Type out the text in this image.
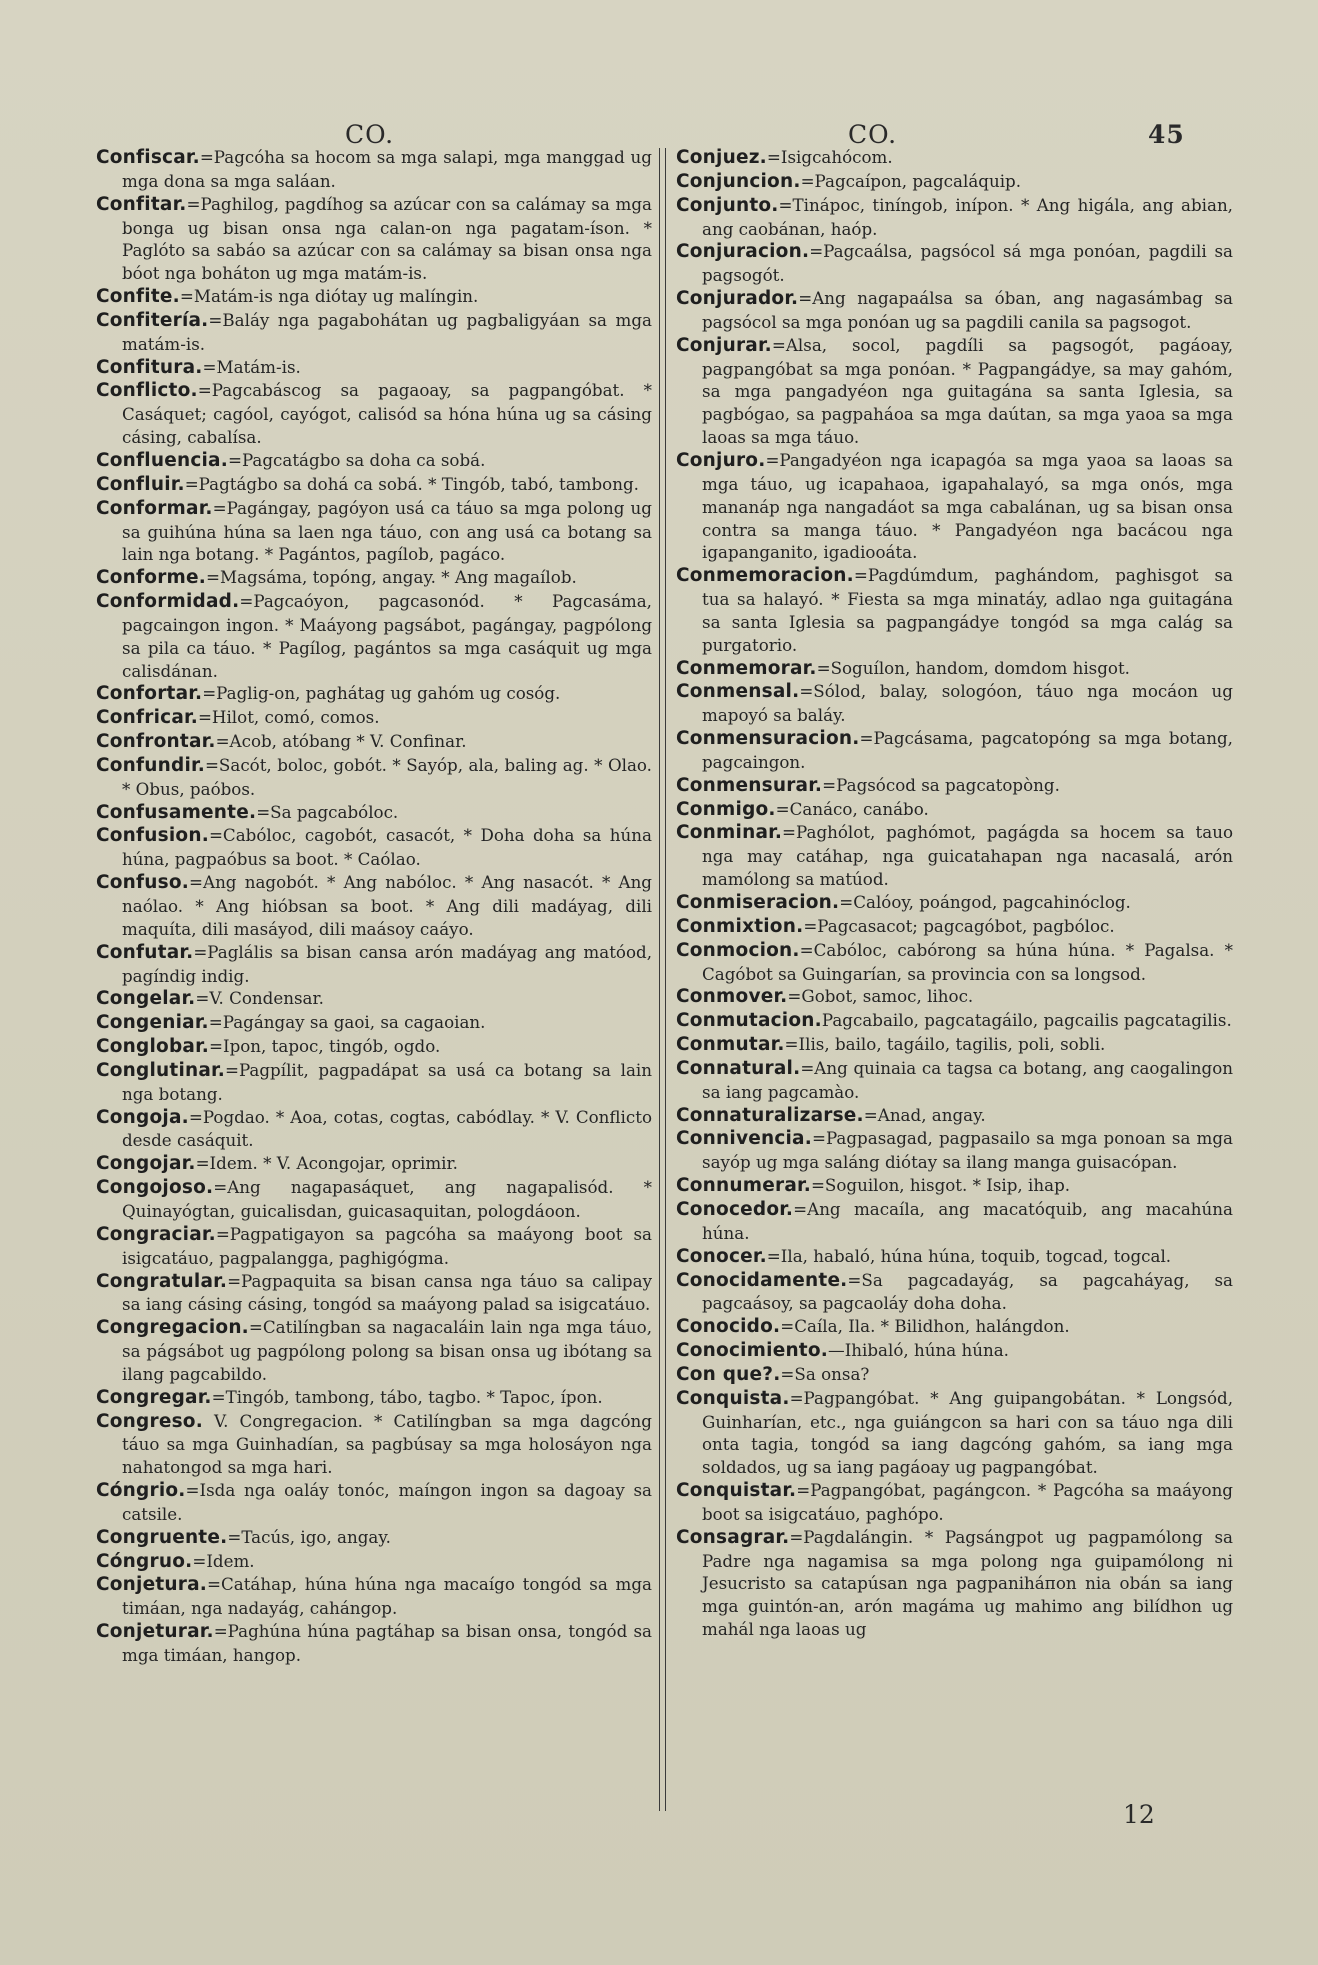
CO.	CO.	45
Confiscar.=Pagcóha sa hocom sa mga salapi, mga manggad ug mga dona sa mga saláan.
Confitar.=Paghilog, pagdíhog sa azúcar con sa calámay sa mga bonga ug bisan onsa nga calan-on nga pagatam-íson. * Paglóto sa sabáo sa azúcar con sa calámay sa bisan onsa nga bóot nga boháton ug mga matám-is.
Confite.=Matám-is nga diótay ug malíngin.
Confitería.=Baláy nga pagabohátan ug pagbaligyáan sa mga matám-is.
Confitura.=Matám-is.
Conflicto.=Pagcabáscog sa pagaoay, sa pagpangóbat. * Casáquet; cagóol, cayógot, calisód sa hóna húna ug sa cásing cásing, cabalísa.
Confluencia.=Pagcatágbo sa doha ca sobá.
Confluir.=Pagtágbo sa dohá ca sobá. * Tingób, tabó, tambong.
Conformar.=Pagángay, pagóyon usá ca táuo sa mga polong ug sa guihúna húna sa laen nga táuo, con ang usá ca botang sa lain nga botang. * Pagántos, pagílob, pagáco.
Conforme.=Magsáma, topóng, angay. * Ang magaílob.
Conformidad.=Pagcaóyon, pagcasonód. * Pagcasáma, pagcaingon ingon. * Maáyong pagsábot, pagángay, pagpólong sa pila ca táuo. * Pagílog, pagántos sa mga casáquit ug mga calisdánan.
Confortar.=Paglig-on, paghátag ug gahóm ug cosóg.
Confricar.=Hilot, comó, comos.
Confrontar.=Acob, atóbang * V. Confinar.
Confundir.=Sacót, boloc, gobót. * Sayóp, ala, baling ag. * Olao. * Obus, paóbos.
Confusamente.=Sa pagcabóloc.
Confusion.=Cabóloc, cagobót, casacót, * Doha doha sa húna húna, pagpaóbus sa boot. * Caólao.
Confuso.=Ang nagobót. * Ang nabóloc. * Ang nasacót. * Ang naólao. * Ang hióbsan sa boot. * Ang dili madáyag, dili maquíta, dili masáyod, dili maásoy caáyo.
Confutar.=Paglális sa bisan cansa arón madáyag ang matóod, pagíndig indig.
Congelar.=V. Condensar.
Congeniar.=Pagángay sa gaoi, sa cagaoian.
Conglobar.=Ipon, tapoc, tingób, ogdo.
Conglutinar.=Pagpílit, pagpadápat sa usá ca botang sa lain nga botang.
Congoja.=Pogdao. * Aoa, cotas, cogtas, cabódlay. * V. Conflicto desde casáquit.
Congojar.=Idem. * V. Acongojar, oprimir.
Congojoso.=Ang nagapasáquet, ang nagapalisód. * Quinayógtan, guicalisdan, guicasaquitan, pologdáoon.
Congraciar.=Pagpatigayon sa pagcóha sa maáyong boot sa isigcatáuo, pagpalangga, paghigógma.
Congratular.=Pagpaquita sa bisan cansa nga táuo sa calipay sa iang cásing cásing, tongód sa maáyong palad sa isigcatáuo.
Congregacion.=Catilíngban sa nagacaláin lain nga mga táuo, sa págsábot ug pagpólong polong sa bisan onsa ug ibótang sa ilang pagcabildo.
Congregar.=Tingób, tambong, tábo, tagbo. * Tapoc, ípon.
Congreso. V. Congregacion. * Catilíngban sa mga dagcóng táuo sa mga Guinhadían, sa pagbúsay sa mga holosáyon nga nahatongod sa mga hari.
Cóngrio.=Isda nga oaláy tonóc, maíngon ingon sa dagoay sa catsile.
Congruente.=Tacús, igo, angay.
Cóngruo.=Idem.
Conjetura.=Catáhap, húna húna nga macaígo tongód sa mga timáan, nga nadayág, cahángop.
Conjeturar.=Paghúna húna pagtáhap sa bisan onsa, tongód sa mga timáan, hangop.
Conjuez.=Isigcahócom.
Conjuncion.=Pagcaípon, pagcaláquip.
Conjunto.=Tinápoc, tiníngob, inípon. * Ang higála, ang abian, ang caobánan, haóp.
Conjuracion.=Pagcaálsa, pagsócol sá mga ponóan, pagdili sa pagsogót.
Conjurador.=Ang nagapaálsa sa óban, ang nagasámbag sa pagsócol sa mga ponóan ug sa pagdili canila sa pagsogot.
Conjurar.=Alsa, socol, pagdíli sa pagsogót, pagáoay, pagpangóbat sa mga ponóan. * Pagpangádye, sa may gahóm, sa mga pangadyéon nga guitagána sa santa Iglesia, sa pagbógao, sa pagpaháoa sa mga daútan, sa mga yaoa sa mga laoas sa mga táuo.
Conjuro.=Pangadyéon nga icapagóa sa mga yaoa sa laoas sa mga táuo, ug icapahaoa, igapahalayó, sa mga onós, mga mananáp nga nangadáot sa mga cabalánan, ug sa bisan onsa contra sa manga táuo. * Pangadyéon nga bacácou nga igapanganito, igadiooáta.
Conmemoracion.=Pagdúmdum, paghándom, paghisgot sa tua sa halayó. * Fiesta sa mga minatáy, adlao nga guitagána sa santa Iglesia sa pagpangádye tongód sa mga calág sa purgatorio.
Conmemorar.=Soguílon, handom, domdom hisgot.
Conmensal.=Sólod, balay, sologóon, táuo nga mocáon ug mapoyó sa baláy.
Conmensuracion.=Pagcásama, pagcatopóng sa mga botang, pagcaingon.
Conmensurar.=Pagsócod sa pagcatopòng.
Conmigo.=Canáco, canábo.
Conminar.=Paghólot, paghómot, pagágda sa hocem sa tauo nga may catáhap, nga guicatahapan nga nacasalá, arón mamólong sa matúod.
Conmiseracion.=Calóoy, poángod, pagcahinóclog.
Conmixtion.=Pagcasacot; pagcagóbot, pagbóloc.
Conmocion.=Cabóloc, cabórong sa húna húna. * Pagalsa. * Cagóbot sa Guingarían, sa provincia con sa longsod.
Conmover.=Gobot, samoc, lihoc.
Conmutacion.Pagcabailo, pagcatagáilo, pagcailis pagcatagilis.
Conmutar.=Ilis, bailo, tagáilo, tagilis, poli, sobli.
Connatural.=Ang quinaia ca tagsa ca botang, ang caogalingon sa iang pagcamào.
Connaturalizarse.=Anad, angay.
Connivencia.=Pagpasagad, pagpasailo sa mga ponoan sa mga sayóp ug mga saláng diótay sa ilang manga guisacópan.
Connumerar.=Soguilon, hisgot. * Isip, ihap.
Conocedor.=Ang macaíla, ang macatóquib, ang macahúna húna.
Conocer.=Ila, habaló, húna húna, toquib, togcad, togcal.
Conocidamente.=Sa pagcadayág, sa pagcaháyag, sa pagcaásoy, sa pagcaoláy doha doha.
Conocido.=Caíla, Ila. * Bilidhon, halángdon.
Conocimiento.—Ihibaló, húna húna.
Con que?.=Sa onsa?
Conquista.=Pagpangóbat. * Ang guipangobátan. * Longsód, Guinharían, etc., nga guiángcon sa hari con sa táuo nga dili onta tagia, tongód sa iang dagcóng gahóm, sa iang mga soldados, ug sa iang pagáoay ug pagpangóbat.
Conquistar.=Pagpangóbat, pagángcon. * Pagcóha sa maáyong boot sa isigcatáuo, paghópo.
Consagrar.=Pagdalángin. * Pagsángpot ug pagpamólong sa Padre nga nagamisa sa mga polong nga guipamólong ni Jesucristo sa catapúsan nga pagpaniháпon nia obán sa iang mga guintón-an, arón magáma ug mahimo ang bilídhon ug mahál nga laoas ug
12
